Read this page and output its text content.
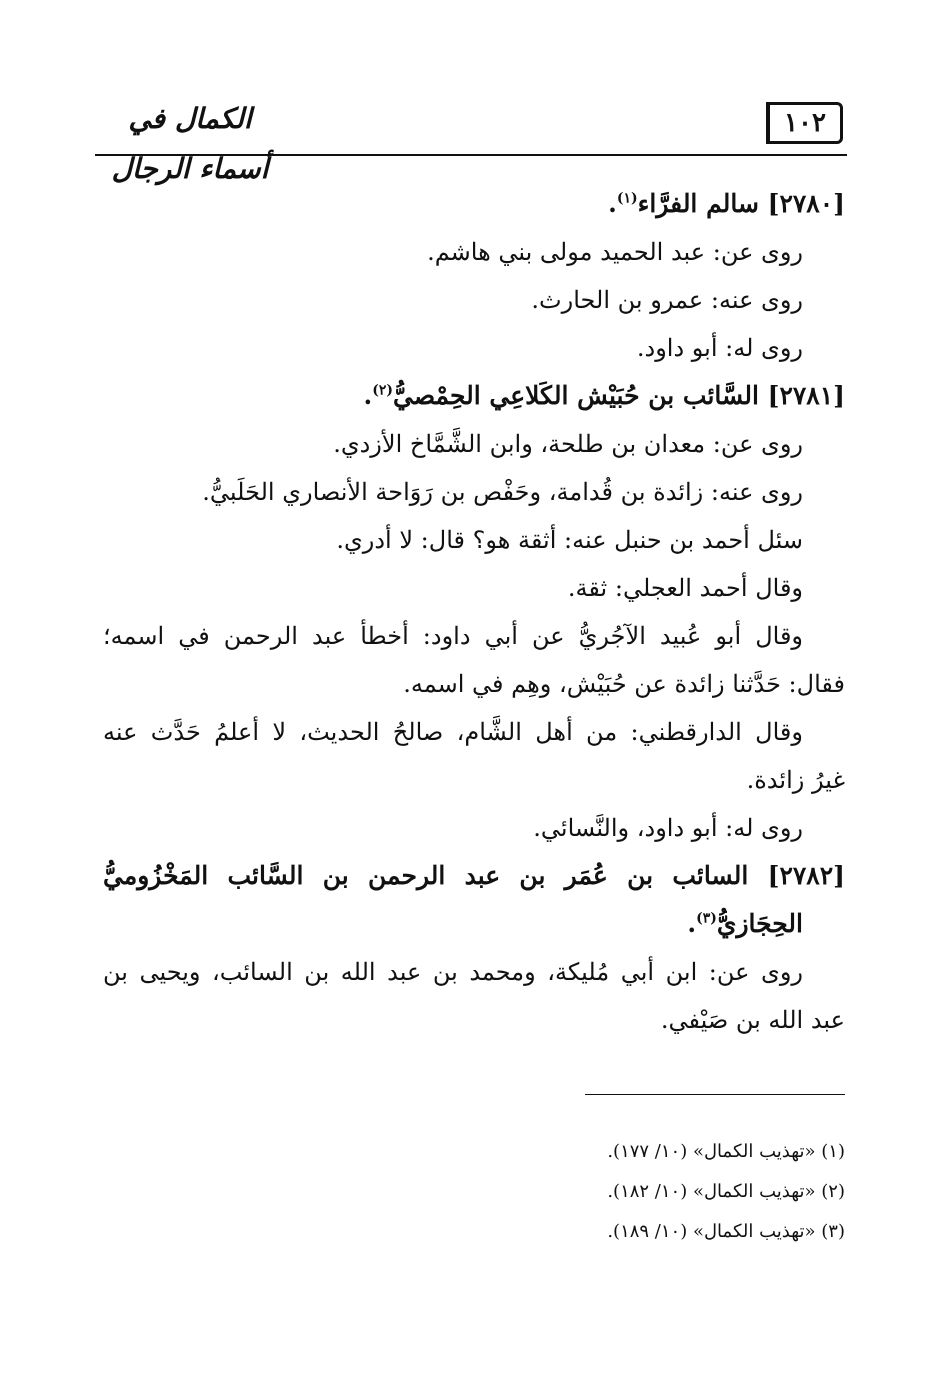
١٠٢
الكمال في أسماء الرجال

[٢٧٨٠] سالم الفرَّاء$^{(١)}$.

روى عن: عبد الحميد مولى بني هاشم.

روى عنه: عمرو بن الحارث.

روى له: أبو داود.

[٢٧٨١] السَّائب بن حُبَيْش الكَلاعِي الحِمْصيُّ$^{(٢)}$.

روى عن: معدان بن طلحة، وابن الشَّمَّاخ الأزدي.

روى عنه: زائدة بن قُدامة، وحَفْص بن رَوَاحة الأنصاري الحَلَبيُّ.

سئل أحمد بن حنبل عنه: أثقة هو؟ قال: لا أدري.

وقال أحمد العجلي: ثقة.

وقال أبو عُبيد الآجُريُّ عن أبي داود: أخطأ عبد الرحمن في اسمه؛

فقال: حَدَّثنا زائدة عن حُبَيْش، وهِم في اسمه.

وقال الدارقطني: من أهل الشَّام، صالحُ الحديث، لا أعلمُ حَدَّث عنه

غيرُ زائدة.

روى له: أبو داود، والنَّسائي.

[٢٧٨٢] السائب بن عُمَر بن عبد الرحمن بن السَّائب المَخْزُوميُّ

الحِجَازيُّ$^{(٣)}$.

روى عن: ابن أبي مُليكة، ومحمد بن عبد الله بن السائب، ويحيى بن

عبد الله بن صَيْفي.

(١) «تهذيب الكمال» (١٠/ ١٧٧).

(٢) «تهذيب الكمال» (١٠/ ١٨٢).

(٣) «تهذيب الكمال» (١٠/ ١٨٩).
